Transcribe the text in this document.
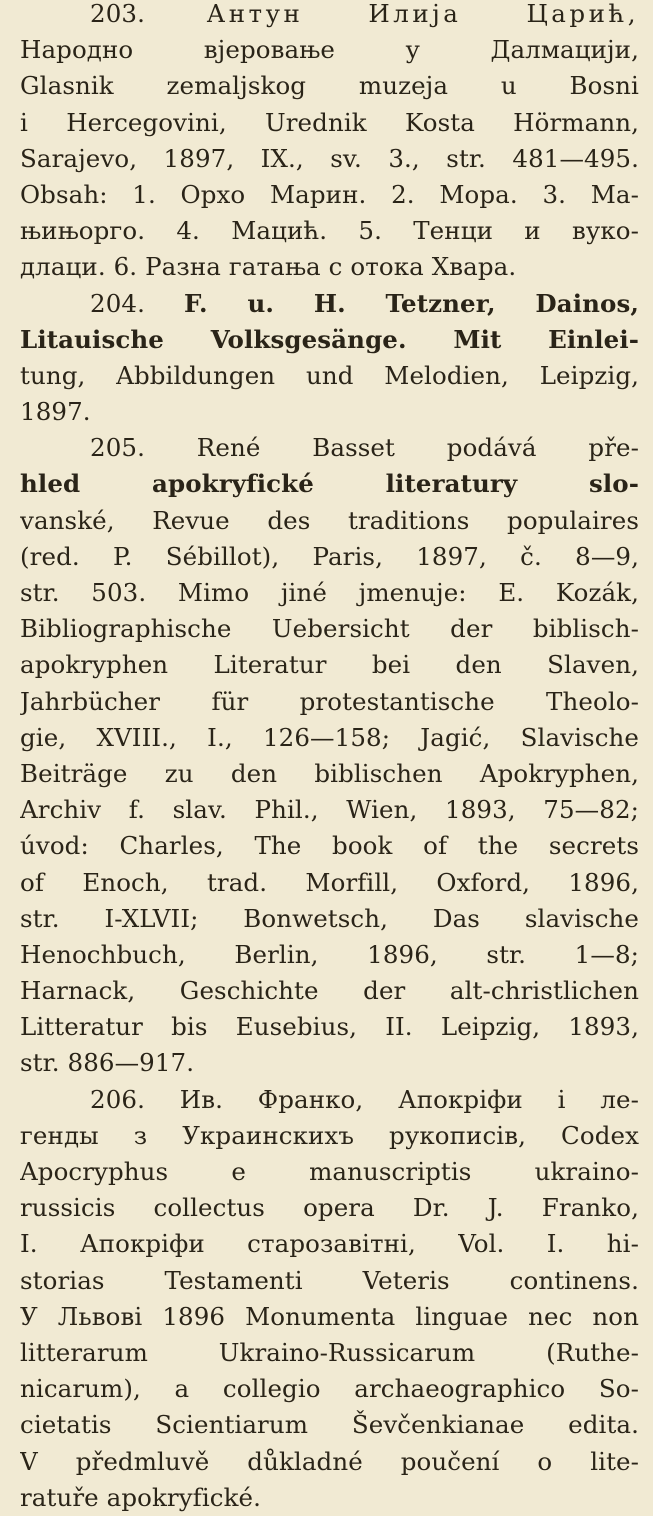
203.	Антун Илија Царић,
Народно вјеровање у Далмацији,
Glasnik zemaljskog muzeja u Bosni
i Hercegovini, Urednik Kosta Hörmann,
Sarajevo, 1897, IX., sv. 3., str. 481—495.
Obsah: 1. Орхо Марин. 2. Мора. 3. Ма-
њињорго. 4. Мацић. 5. Тенци и вуко-
длаци. 6. Разна гатања с отока Хвара.
204. F. u. H. Tetzner, Dainos,
Litauische Volksgesänge. Mit Einlei-
tung, Abbildungen und Melodien, Leipzig,
1897.
205. René Basset podává pře-
hled apokryfické literatury slo-
vanské, Revue des traditions populaires
(red. P. Sébillot), Paris, 1897, č. 8—9,
str. 503. Mimo jiné jmenuje: E. Kozák,
Bibliographische Uebersicht der biblisch-
apokryphen Literatur bei den Slaven,
Jahrbücher für protestantische Theolo-
gie, XVIII., I., 126—158; Jagić, Slavische
Beiträge zu den biblischen Apokryphen,
Archiv f. slav. Phil., Wien, 1893, 75—82;
úvod: Charles, The book of the secrets
of Enoch, trad. Morfill, Oxford, 1896,
str. I-XLVII; Bonwetsch, Das slavische
Henochbuch, Berlin, 1896, str. 1—8;
Harnack, Geschichte der alt-christlichen
Litteratur bis Eusebius, II. Leipzig, 1893,
str. 886—917.
206. Ив. Франко, Апокріфи і ле-
генды з Украинскихъ рукописів, Codex
Apocryphus e manuscriptis ukraino-
russicis collectus opera Dr. J. Franko,
I. Апокріфи старозавітні, Vol. I. hi-
storias Testamenti Veteris continens.
У Львові 1896 Monumenta linguae nec non
litterarum Ukraino-Russicarum (Ruthe-
nicarum), a collegio archaeographico So-
cietatis Scientiarum Ševčenkianae edita.
V předmluvě důkladné poučení o lite-
ratuře apokryfické.
